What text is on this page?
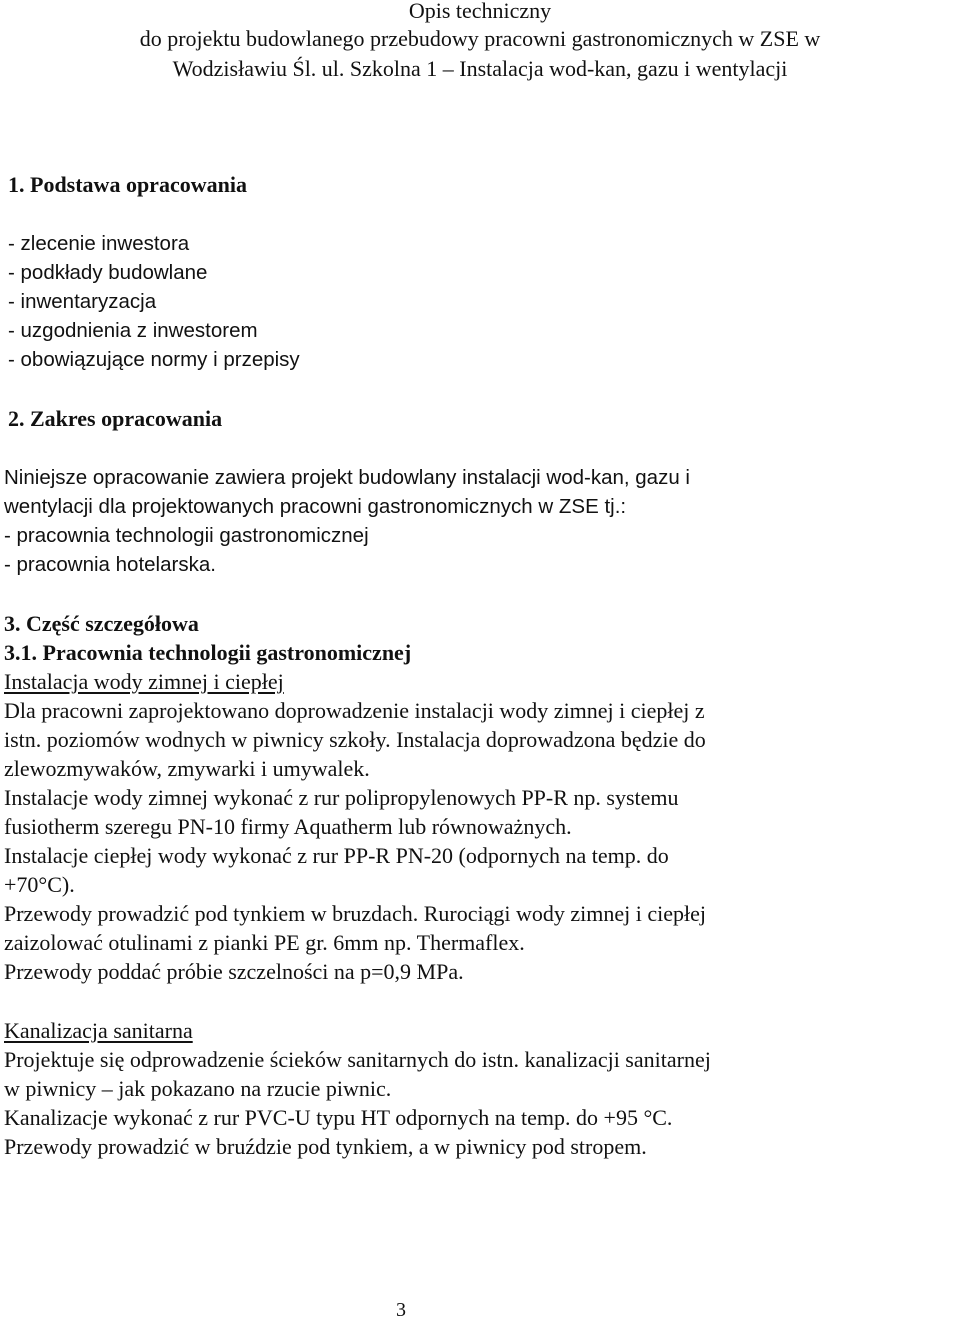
Opis techniczny
do projektu budowlanego przebudowy pracowni gastronomicznych w ZSE w
Wodzisławiu Śl. ul. Szkolna 1 – Instalacja wod-kan, gazu i wentylacji
1. Podstawa opracowania
- zlecenie inwestora
- podkłady budowlane
- inwentaryzacja
- uzgodnienia z inwestorem
- obowiązujące normy i przepisy
2. Zakres opracowania
Niniejsze opracowanie zawiera projekt budowlany instalacji wod-kan, gazu i
wentylacji dla projektowanych pracowni gastronomicznych w ZSE tj.:
- pracownia technologii gastronomicznej
- pracownia hotelarska.
3. Część szczegółowa
3.1. Pracownia technologii gastronomicznej
Instalacja wody zimnej i ciepłej
Dla pracowni zaprojektowano doprowadzenie instalacji wody zimnej i ciepłej z
istn. poziomów wodnych w piwnicy szkoły. Instalacja doprowadzona będzie do
zlewozmywaków, zmywarki i umywalek.
Instalacje wody zimnej wykonać z rur polipropylenowych PP-R np. systemu
fusiotherm szeregu PN-10 firmy Aquatherm lub równoważnych.
Instalacje ciepłej wody wykonać z rur PP-R PN-20 (odpornych na temp. do
+70°C).
Przewody prowadzić pod tynkiem w bruzdach. Rurociągi wody zimnej i ciepłej
zaizolować otulinami z pianki PE gr. 6mm np. Thermaflex.
Przewody poddać próbie szczelności na p=0,9 MPa.
Kanalizacja sanitarna
Projektuje się odprowadzenie ścieków sanitarnych do istn. kanalizacji sanitarnej
w piwnicy – jak pokazano na rzucie piwnic.
Kanalizacje wykonać z rur PVC-U typu HT odpornych na temp. do +95 °C.
Przewody prowadzić w bruździe pod tynkiem, a w piwnicy pod stropem.
3
